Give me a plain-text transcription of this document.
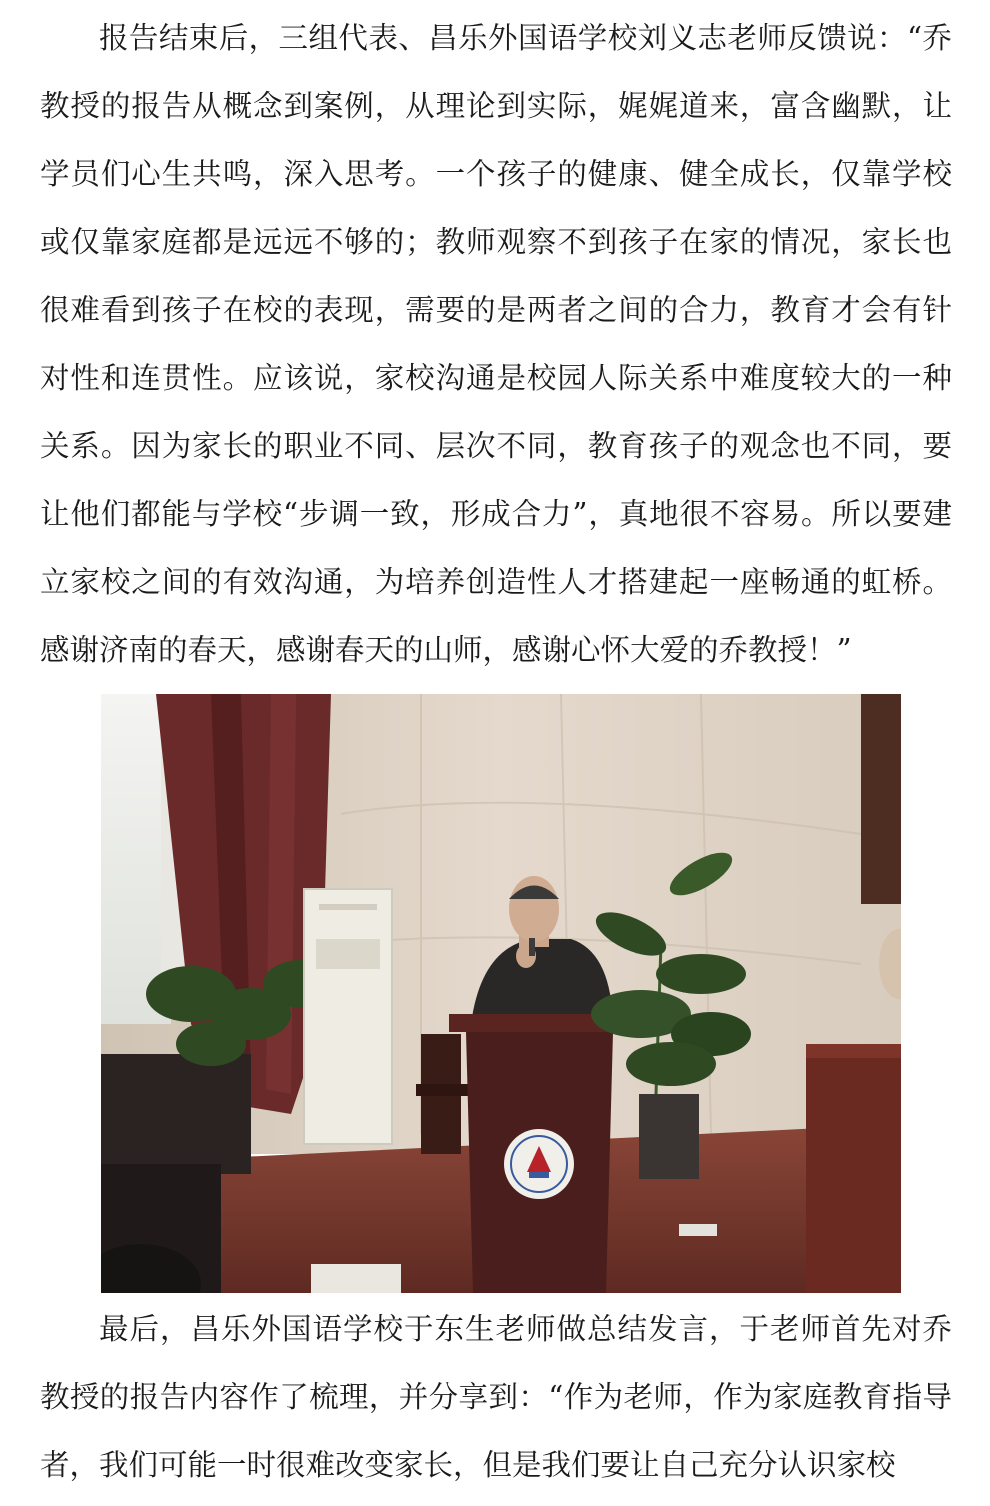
报告结束后，三组代表、昌乐外国语学校刘义志老师反馈说：“乔教授的报告从概念到案例，从理论到实际，娓娓道来，富含幽默，让学员们心生共鸣，深入思考。一个孩子的健康、健全成长，仅靠学校或仅靠家庭都是远远不够的；教师观察不到孩子在家的情况，家长也很难看到孩子在校的表现，需要的是两者之间的合力，教育才会有针对性和连贯性。应该说，家校沟通是校园人际关系中难度较大的一种关系。因为家长的职业不同、层次不同，教育孩子的观念也不同，要让他们都能与学校“步调一致，形成合力”，真地很不容易。所以要建立家校之间的有效沟通，为培养创造性人才搭建起一座畅通的虹桥。感谢济南的春天，感谢春天的山师，感谢心怀大爱的乔教授！”

最后，昌乐外国语学校于东生老师做总结发言，于老师首先对乔教授的报告内容作了梳理，并分享到：“作为老师，作为家庭教育指导者，我们可能一时很难改变家长，但是我们要让自己充分认识家校
